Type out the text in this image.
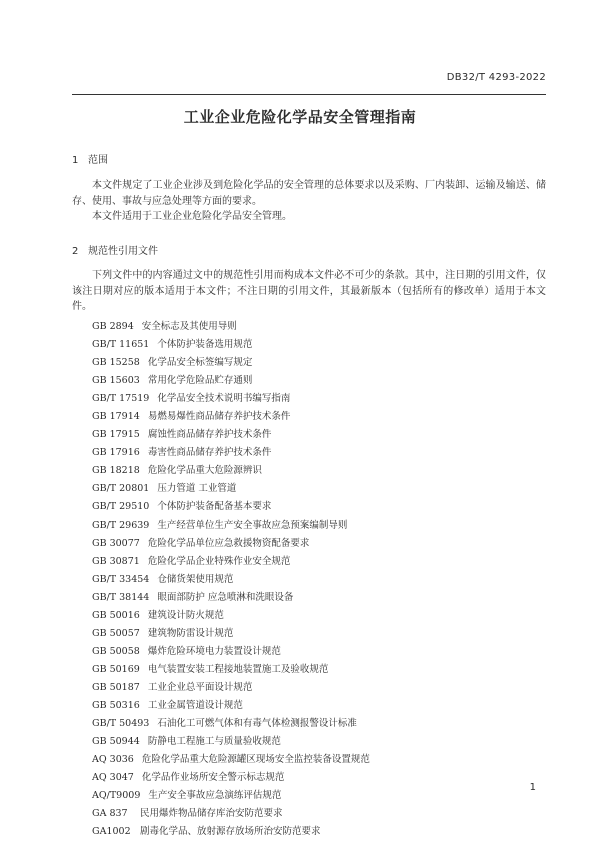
DB32/T 4293-2022
工业企业危险化学品安全管理指南
1 范围

本文件规定了工业企业涉及到危险化学品的安全管理的总体要求以及采购、厂内装卸、运输及输送、储存、使用、事故与应急处理等方面的要求。

本文件适用于工业企业危险化学品安全管理。

2 规范性引用文件

下列文件中的内容通过文中的规范性引用而构成本文件必不可少的条款。其中，注日期的引用文件，仅该注日期对应的版本适用于本文件；不注日期的引用文件，其最新版本（包括所有的修改单）适用于本文件。

GB 2894 安全标志及其使用导则
GB/T 11651 个体防护装备选用规范
GB 15258 化学品安全标签编写规定
GB 15603 常用化学危险品贮存通则
GB/T 17519 化学品安全技术说明书编写指南
GB 17914 易燃易爆性商品储存养护技术条件
GB 17915 腐蚀性商品储存养护技术条件
GB 17916 毒害性商品储存养护技术条件
GB 18218 危险化学品重大危险源辨识
GB/T 20801 压力管道 工业管道
GB/T 29510 个体防护装备配备基本要求
GB/T 29639 生产经营单位生产安全事故应急预案编制导则
GB 30077 危险化学品单位应急救援物资配备要求
GB 30871 危险化学品企业特殊作业安全规范
GB/T 33454 仓储货架使用规范
GB/T 38144 眼面部防护 应急喷淋和洗眼设备
GB 50016 建筑设计防火规范
GB 50057 建筑物防雷设计规范
GB 50058 爆炸危险环境电力装置设计规范
GB 50169 电气装置安装工程接地装置施工及验收规范
GB 50187 工业企业总平面设计规范
GB 50316 工业金属管道设计规范
GB/T 50493 石油化工可燃气体和有毒气体检测报警设计标准
GB 50944 防静电工程施工与质量验收规范
AQ 3036 危险化学品重大危险源罐区现场安全监控装备设置规范
AQ 3047 化学品作业场所安全警示标志规范
AQ/T9009 生产安全事故应急演练评估规范
GA 837 民用爆炸物品储存库治安防范要求
GA1002 剧毒化学品、放射源存放场所治安防范要求
1
